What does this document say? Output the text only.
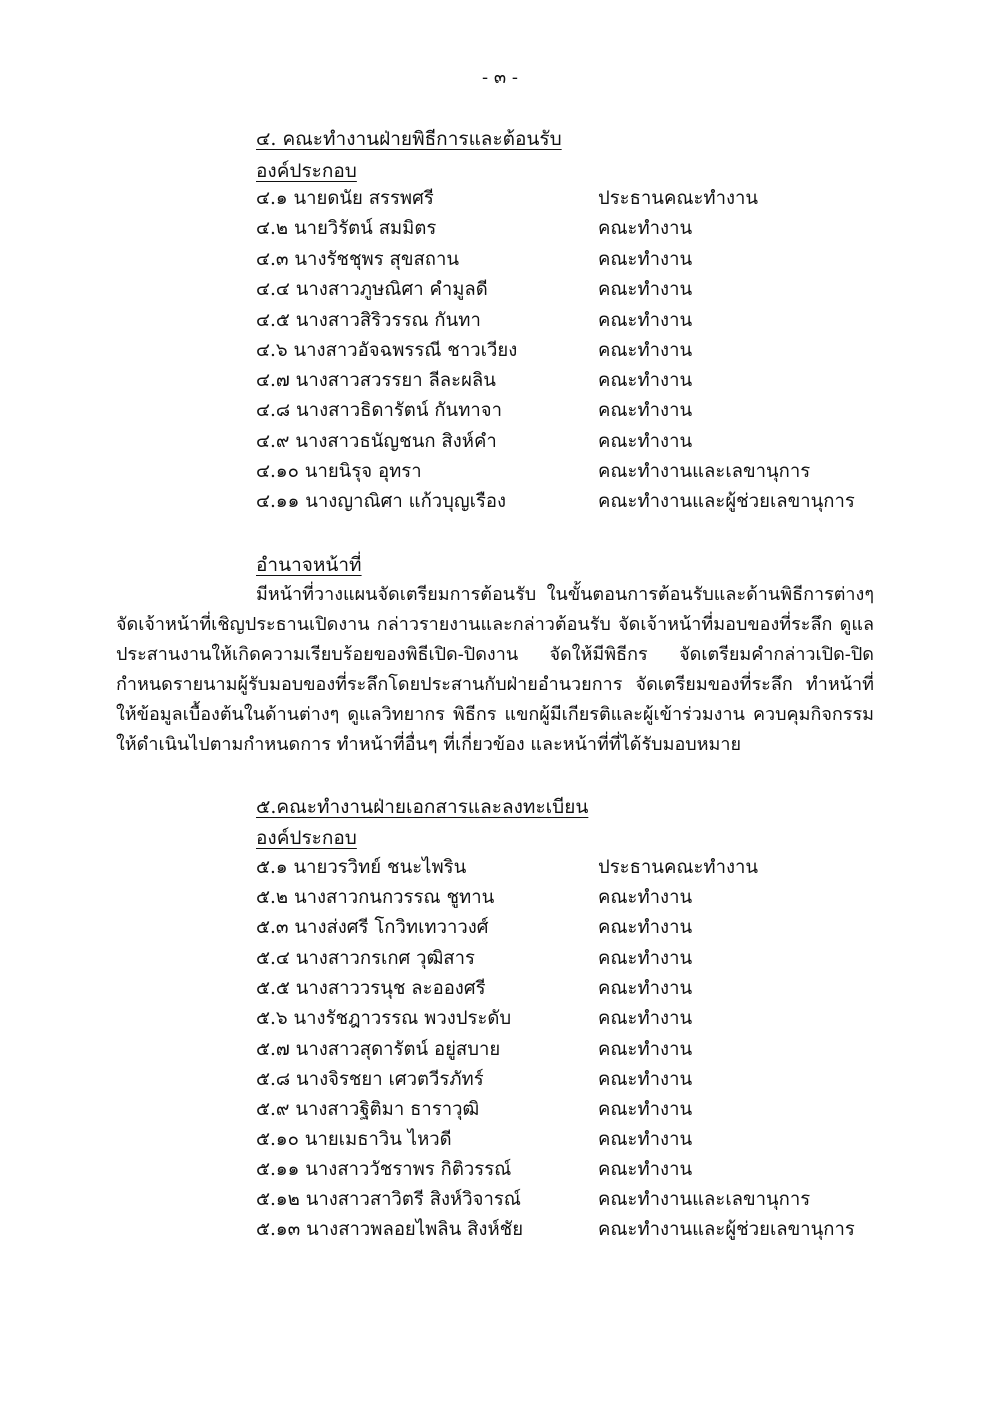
- ๓ -
๔. คณะทำงานฝ่ายพิธีการและต้อนรับ
องค์ประกอบ
๔.๑ นายดนัย สรรพศรี	ประธานคณะทำงาน
๔.๒ นายวิรัตน์ สมมิตร	คณะทำงาน
๔.๓ นางรัชชุพร สุขสถาน	คณะทำงาน
๔.๔ นางสาวภูษณิศา คำมูลดี	คณะทำงาน
๔.๕ นางสาวสิริวรรณ กันทา	คณะทำงาน
๔.๖ นางสาวอัจฉพรรณี ชาวเวียง	คณะทำงาน
๔.๗ นางสาวสวรรยา ลีละผลิน	คณะทำงาน
๔.๘ นางสาวธิดารัตน์ กันทาจา	คณะทำงาน
๔.๙ นางสาวธนัญชนก สิงห์คำ	คณะทำงาน
๔.๑๐ นายนิรุจ อุทรา	คณะทำงานและเลขานุการ
๔.๑๑ นางญาณิศา แก้วบุญเรือง	คณะทำงานและผู้ช่วยเลขานุการ
อำนาจหน้าที่
มีหน้าที่วางแผนจัดเตรียมการต้อนรับ ในขั้นตอนการต้อนรับและด้านพิธีการต่างๆ จัดเจ้าหน้าที่เชิญประธานเปิดงาน กล่าวรายงานและกล่าวต้อนรับ จัดเจ้าหน้าที่มอบของที่ระลึก ดูแลประสานงานให้เกิดความเรียบร้อยของพิธีเปิด-ปิดงาน จัดให้มีพิธีกร จัดเตรียมคำกล่าวเปิด-ปิด กำหนดรายนามผู้รับมอบของที่ระลึกโดยประสานกับฝ่ายอำนวยการ จัดเตรียมของที่ระลึก ทำหน้าที่ให้ข้อมูลเบื้องต้นในด้านต่างๆ ดูแลวิทยากร พิธีกร แขกผู้มีเกียรติและผู้เข้าร่วมงาน ควบคุมกิจกรรมให้ดำเนินไปตามกำหนดการ ทำหน้าที่อื่นๆ ที่เกี่ยวข้อง และหน้าที่ที่ได้รับมอบหมาย
๕.คณะทำงานฝ่ายเอกสารและลงทะเบียน
องค์ประกอบ
๕.๑ นายวรวิทย์ ชนะไพริน	ประธานคณะทำงาน
๕.๒ นางสาวกนกวรรณ ชูทาน	คณะทำงาน
๕.๓ นางส่งศรี โกวิทเทวาวงศ์	คณะทำงาน
๕.๔ นางสาวกรเกศ วุฒิสาร	คณะทำงาน
๕.๕ นางสาววรนุช ละอองศรี	คณะทำงาน
๕.๖ นางรัชฎาวรรณ พวงประดับ	คณะทำงาน
๕.๗ นางสาวสุดารัตน์ อยู่สบาย	คณะทำงาน
๕.๘ นางจิรชยา เศวตวีรภัทร์	คณะทำงาน
๕.๙ นางสาวฐิติมา ธาราวุฒิ	คณะทำงาน
๕.๑๐ นายเมธาวิน ไหวดี	คณะทำงาน
๕.๑๑ นางสาววัชราพร กิติวรรณ์	คณะทำงาน
๕.๑๒ นางสาวสาวิตรี สิงห์วิจารณ์	คณะทำงานและเลขานุการ
๕.๑๓ นางสาวพลอยไพลิน สิงห์ชัย	คณะทำงานและผู้ช่วยเลขานุการ
